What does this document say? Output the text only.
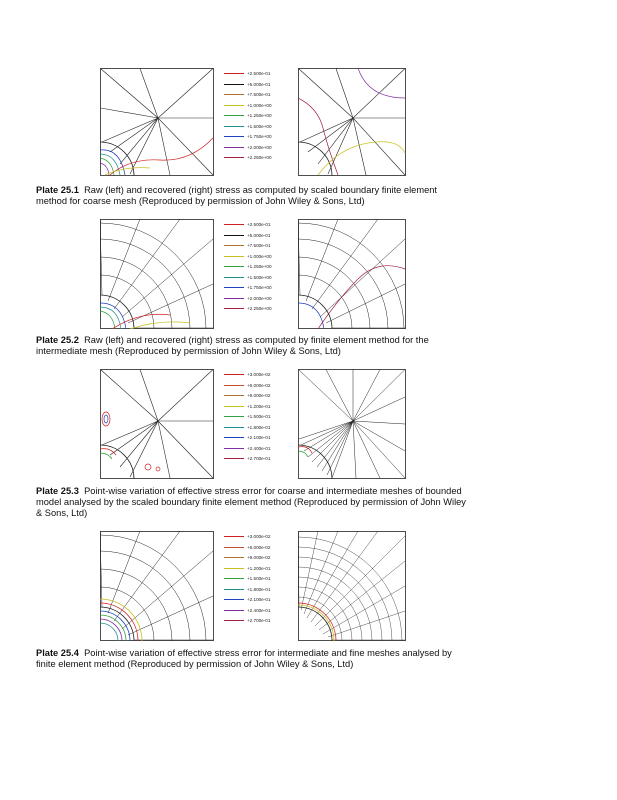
+2.500e-01
+5.000e-01
+7.500e-01
+1.000e+00
+1.250e+00
+1.500e+00
+1.750e+00
+2.000e+00
+2.250e+00
Plate 25.1 Raw (left) and recovered (right) stress as computed by scaled boundary finite element method for coarse mesh (Reproduced by permission of John Wiley & Sons, Ltd)
+2.500e-01
+5.000e-01
+7.500e-01
+1.000e+00
+1.250e+00
+1.500e+00
+1.750e+00
+2.000e+00
+2.250e+00
Plate 25.2 Raw (left) and recovered (right) stress as computed by finite element method for the intermediate mesh (Reproduced by permission of John Wiley & Sons, Ltd)
+3.000e-02
+6.000e-02
+9.000e-02
+1.200e-01
+1.500e-01
+1.800e-01
+2.100e-01
+2.400e-01
+2.700e-01
Plate 25.3 Point-wise variation of effective stress error for coarse and intermediate meshes of bounded model analysed by the scaled boundary finite element method (Reproduced by permission of John Wiley & Sons, Ltd)
+3.000e-02
+6.000e-02
+9.000e-02
+1.200e-01
+1.500e-01
+1.800e-01
+2.100e-01
+2.400e-01
+2.700e-01
Plate 25.4 Point-wise variation of effective stress error for intermediate and fine meshes analysed by finite element method (Reproduced by permission of John Wiley & Sons, Ltd)
